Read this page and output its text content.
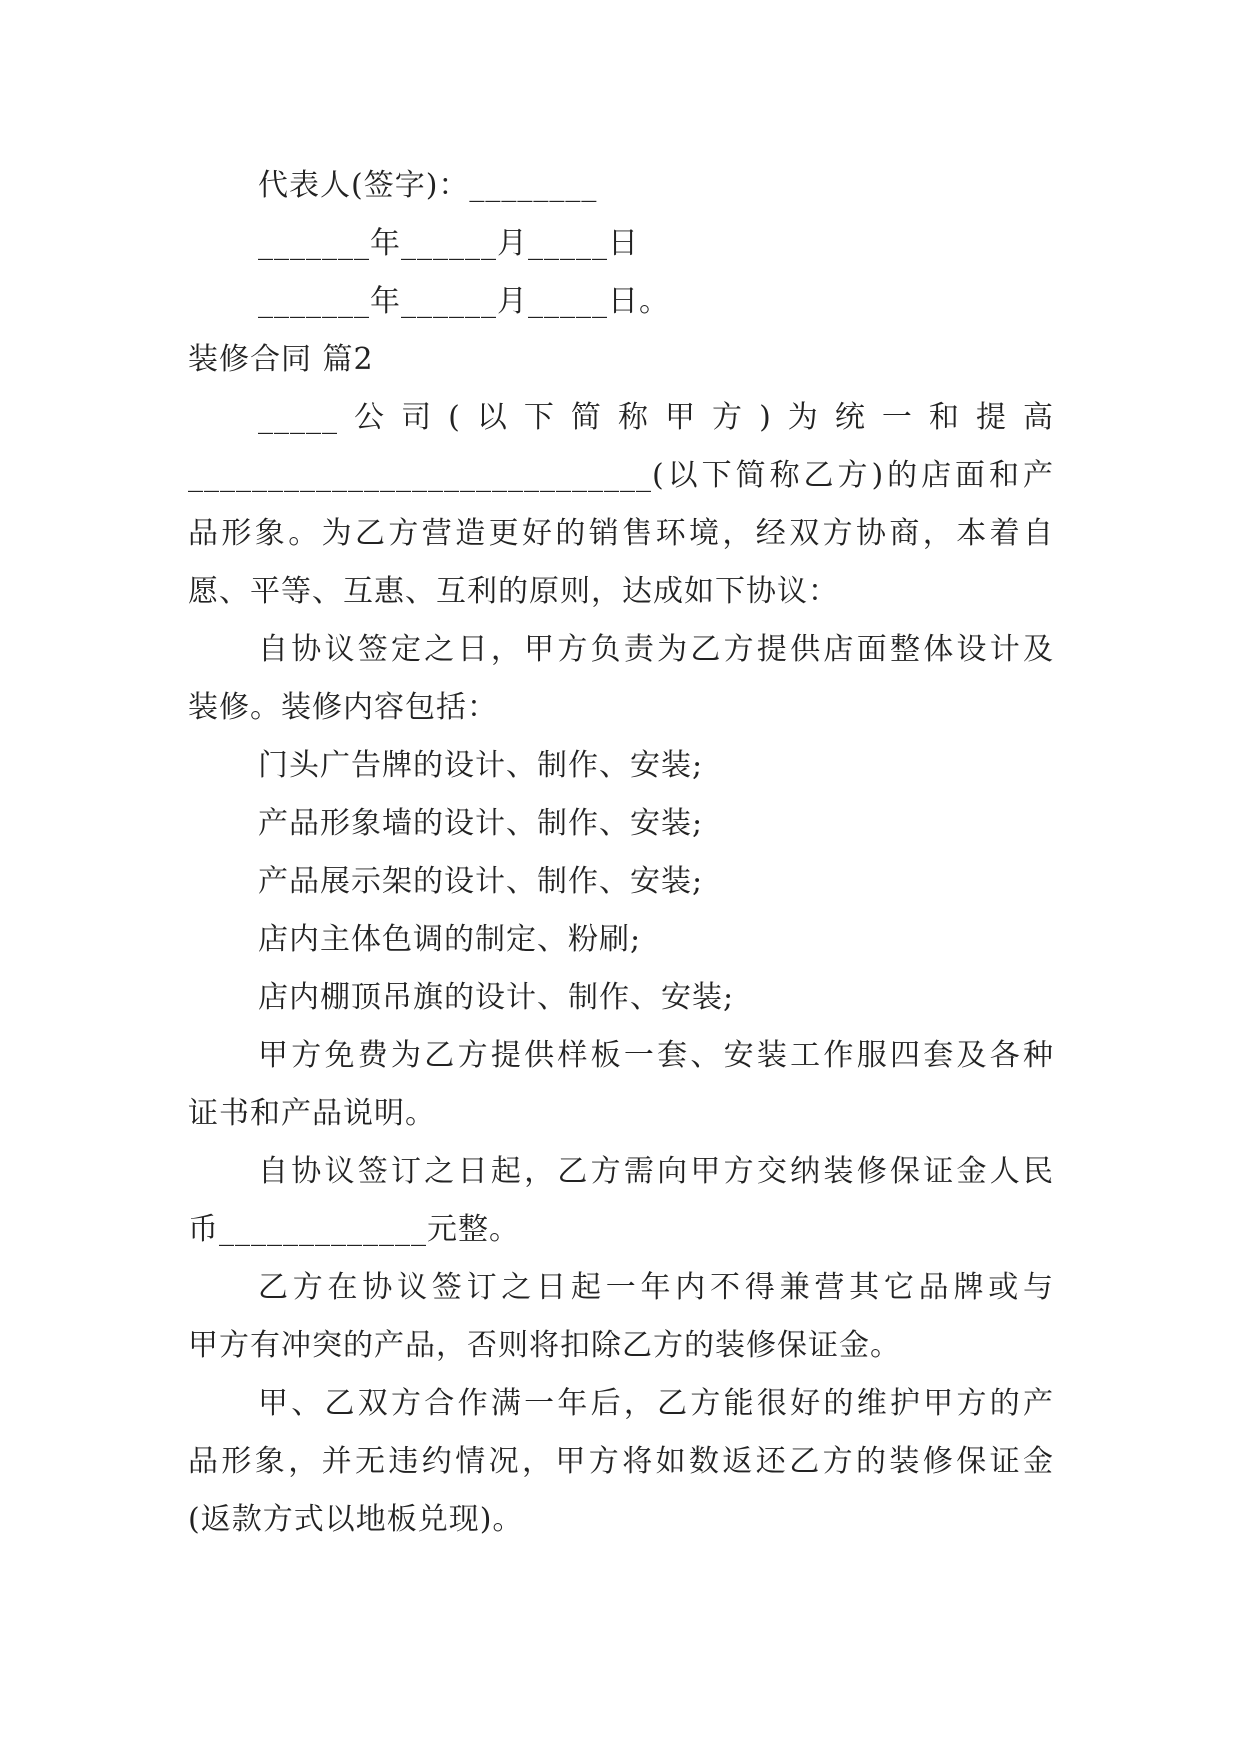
代表人(签字)：________
_______年______月_____日
_______年______月_____日。
装修合同 篇2
_____公司(以下简称甲方)为统一和提高
_____________________________(以下简称乙方)的店面和产
品形象。为乙方营造更好的销售环境，经双方协商，本着自
愿、平等、互惠、互利的原则，达成如下协议：
自协议签定之日，甲方负责为乙方提供店面整体设计及
装修。装修内容包括：
门头广告牌的设计、制作、安装;
产品形象墙的设计、制作、安装;
产品展示架的设计、制作、安装;
店内主体色调的制定、粉刷;
店内棚顶吊旗的设计、制作、安装;
甲方免费为乙方提供样板一套、安装工作服四套及各种
证书和产品说明。
自协议签订之日起，乙方需向甲方交纳装修保证金人民
币_____________元整。
乙方在协议签订之日起一年内不得兼营其它品牌或与
甲方有冲突的产品，否则将扣除乙方的装修保证金。
甲、乙双方合作满一年后，乙方能很好的维护甲方的产
品形象，并无违约情况，甲方将如数返还乙方的装修保证金
(返款方式以地板兑现)。
